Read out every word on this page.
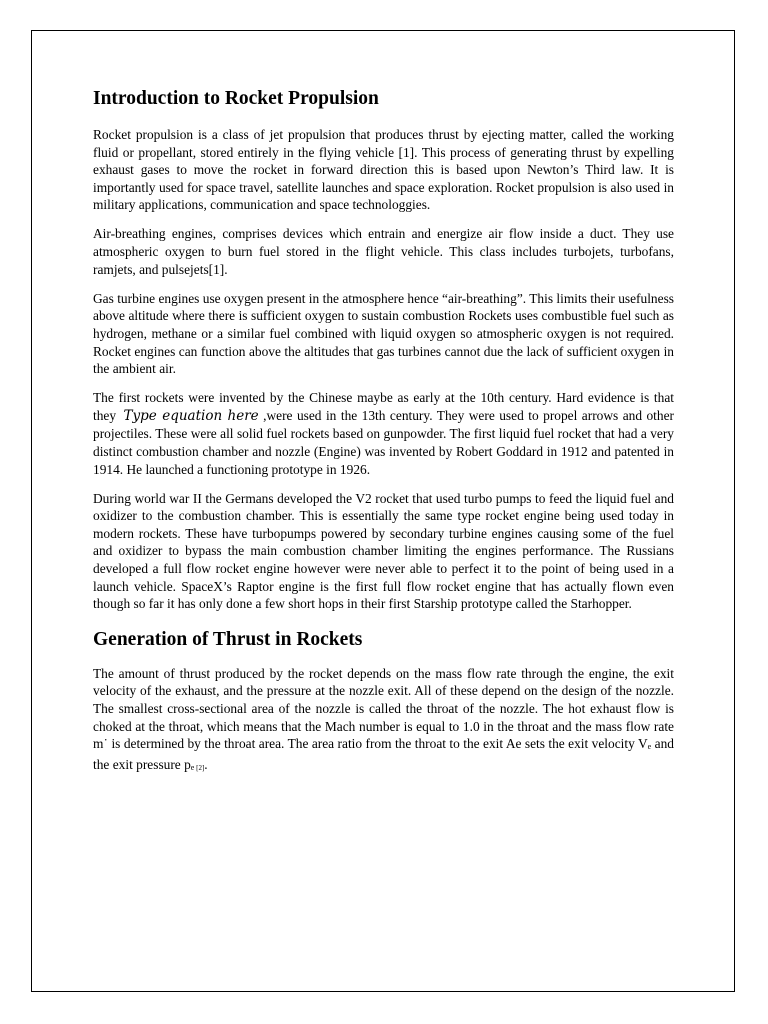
Introduction to Rocket Propulsion

Rocket propulsion is a class of jet propulsion that produces thrust by ejecting matter, called the working fluid or propellant, stored entirely in the flying vehicle [1]. This process of generating thrust by expelling exhaust gases to move the rocket in forward direction this is based upon Newton’s Third law. It is importantly used for space travel, satellite launches and space exploration. Rocket propulsion is also used in military applications, communication and space technologgies.

Air-breathing engines, comprises devices which entrain and energize air flow inside a duct. They use atmospheric oxygen to burn fuel stored in the flight vehicle. This class includes turbojets, turbofans, ramjets, and pulsejets[1].

Gas turbine engines use oxygen present in the atmosphere hence “air-breathing”. This limits their usefulness above altitude where there is sufficient oxygen to sustain combustion Rockets uses combustible fuel such as hydrogen, methane or a similar fuel combined with liquid oxygen so atmospheric oxygen is not required. Rocket engines can function above the altitudes that gas turbines cannot due the lack of sufficient oxygen in the ambient air.

The first rockets were invented by the Chinese maybe as early at the 10th century. Hard evidence is that they Type equation here ,were used in the 13th century. They were used to propel arrows and other projectiles. These were all solid fuel rockets based on gunpowder. The first liquid fuel rocket that had a very distinct combustion chamber and nozzle (Engine) was invented by Robert Goddard in 1912 and patented in 1914. He launched a functioning prototype in 1926.

During world war II the Germans developed the V2 rocket that used turbo pumps to feed the liquid fuel and oxidizer to the combustion chamber. This is essentially the same type rocket engine being used today in modern rockets. These have turbopumps powered by secondary turbine engines causing some of the fuel and oxidizer to bypass the main combustion chamber limiting the engines performance. The Russians developed a full flow rocket engine however were never able to perfect it to the point of being used in a launch vehicle. SpaceX’s Raptor engine is the first full flow rocket engine that has actually flown even though so far it has only done a few short hops in their first Starship prototype called the Starhopper.

Generation of Thrust in Rockets

The amount of thrust produced by the rocket depends on the mass flow rate through the engine, the exit velocity of the exhaust, and the pressure at the nozzle exit. All of these depend on the design of the nozzle. The smallest cross-sectional area of the nozzle is called the throat of the nozzle. The hot exhaust flow is choked at the throat, which means that the Mach number is equal to 1.0 in the throat and the mass flow rate m˙ is determined by the throat area. The area ratio from the throat to the exit Ae sets the exit velocity Ve and the exit pressure pe [2].
